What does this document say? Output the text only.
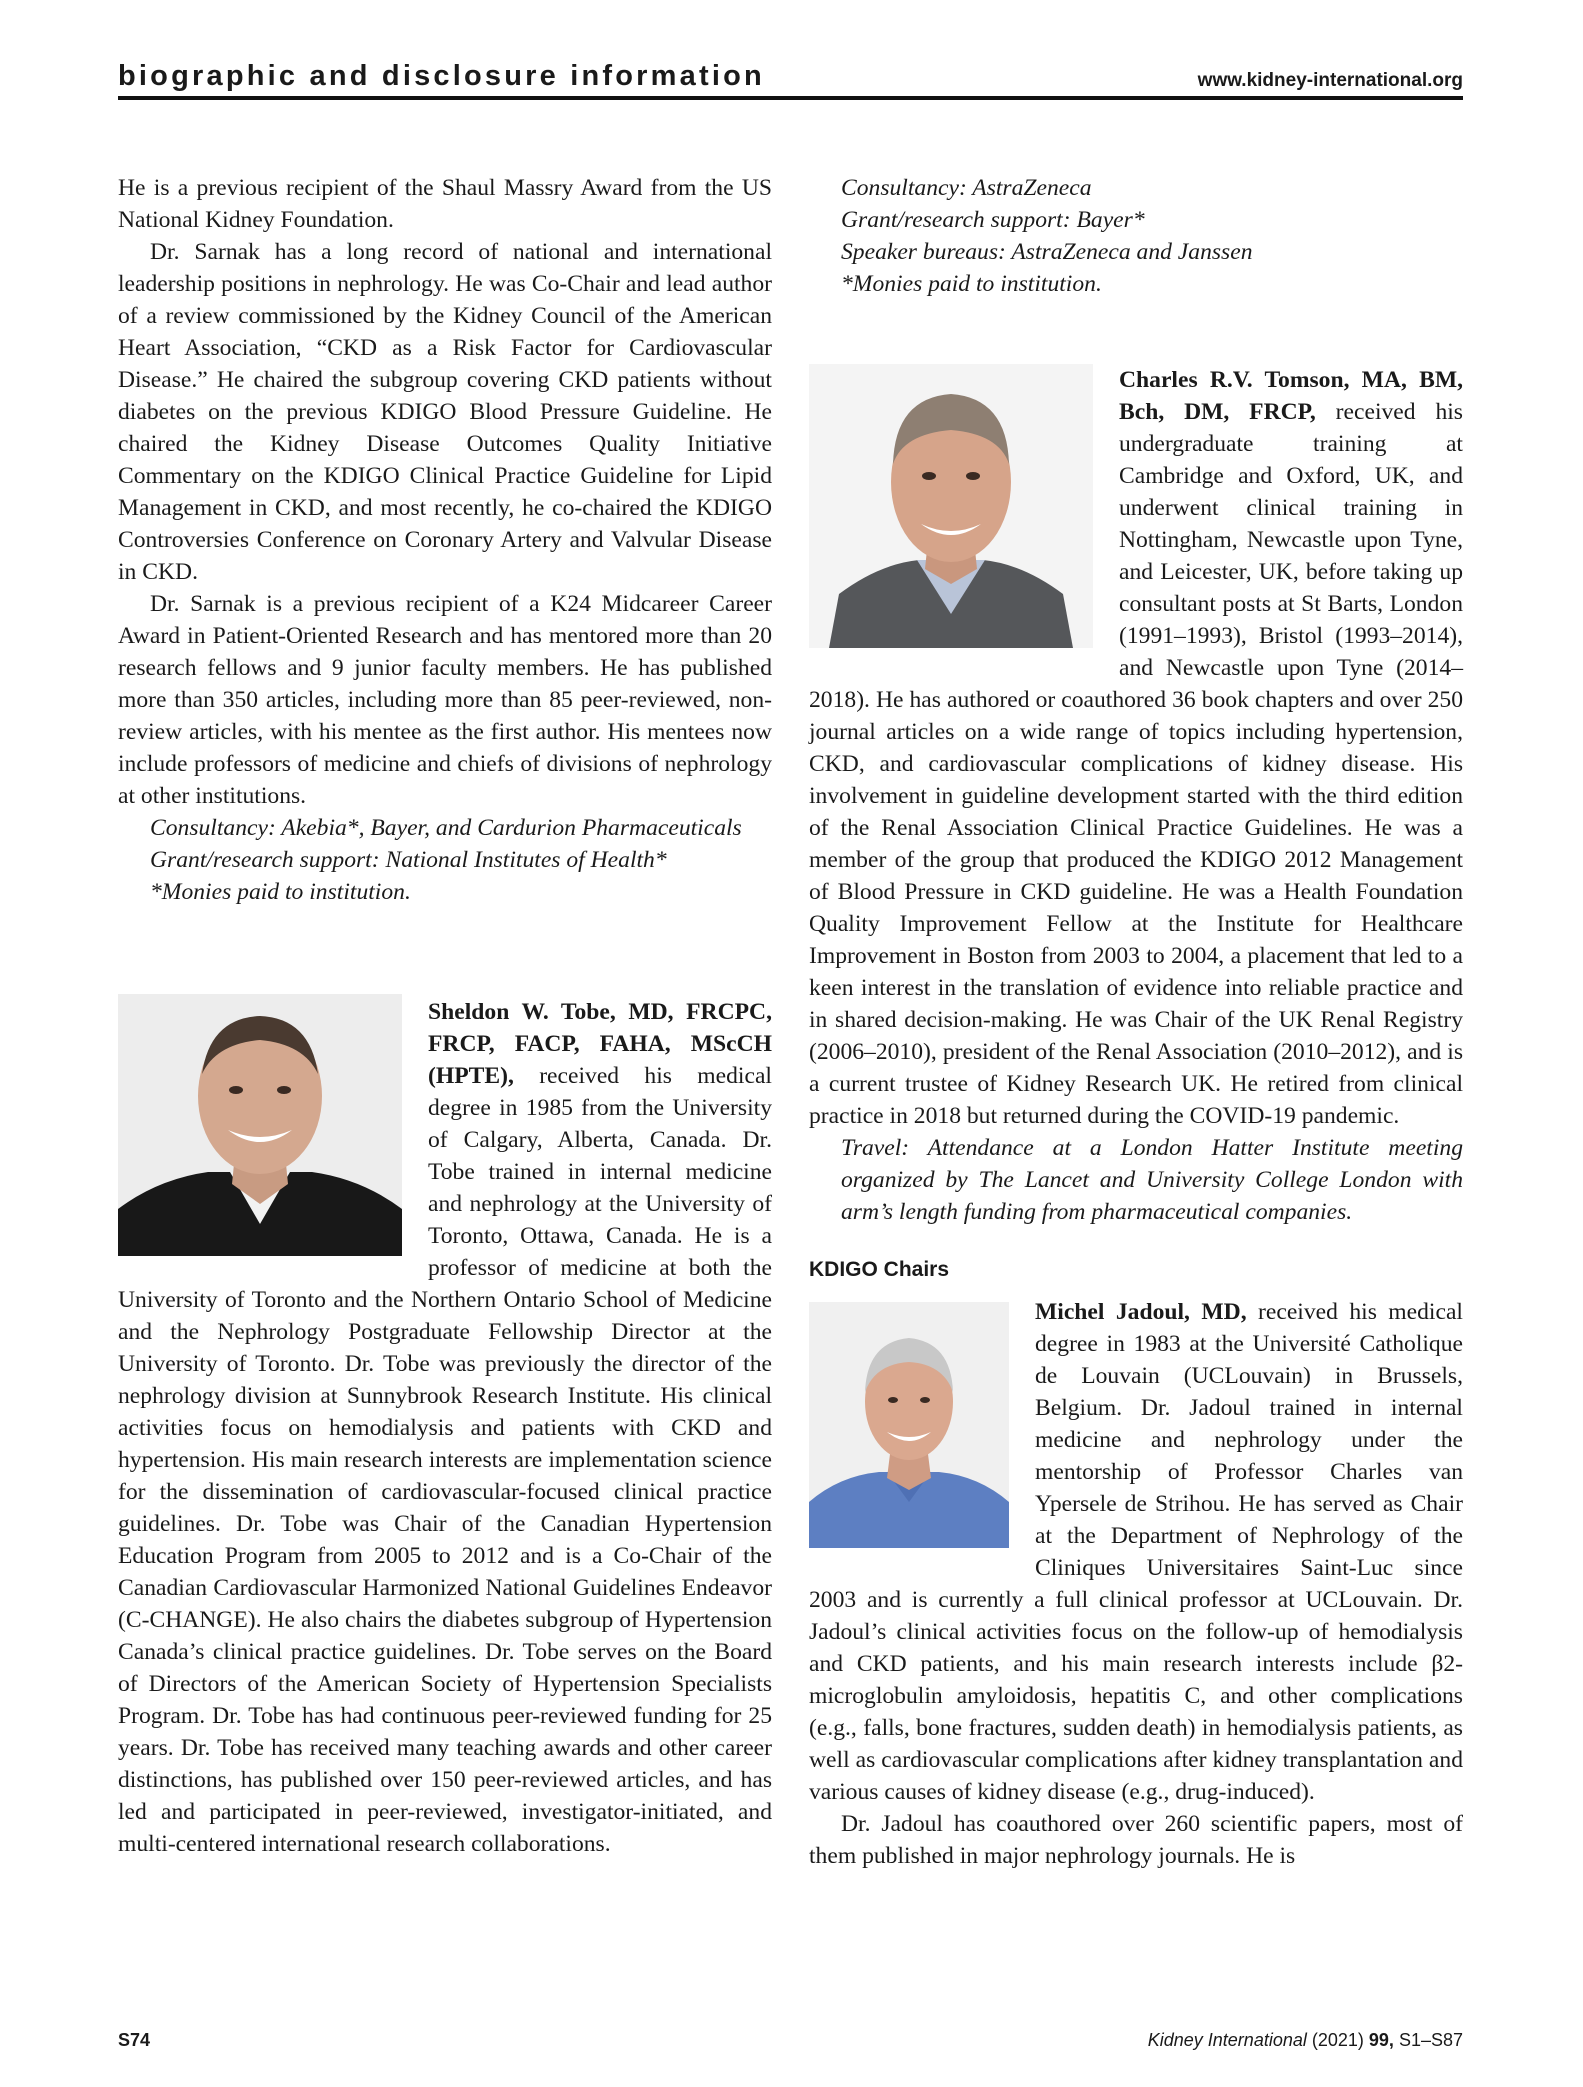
biographic and disclosure information	www.kidney-international.org

He is a previous recipient of the Shaul Massry Award from the US National Kidney Foundation.

Dr. Sarnak has a long record of national and international leadership positions in nephrology. He was Co-Chair and lead author of a review commissioned by the Kidney Council of the American Heart Association, “CKD as a Risk Factor for Cardiovascular Disease.” He chaired the subgroup covering CKD patients without diabetes on the previous KDIGO Blood Pressure Guideline. He chaired the Kidney Disease Outcomes Quality Initiative Commentary on the KDIGO Clinical Practice Guideline for Lipid Management in CKD, and most recently, he co-chaired the KDIGO Controversies Conference on Coronary Artery and Valvular Disease in CKD.

Dr. Sarnak is a previous recipient of a K24 Midcareer Career Award in Patient-Oriented Research and has mentored more than 20 research fellows and 9 junior faculty members. He has published more than 350 articles, including more than 85 peer-reviewed, non-review articles, with his mentee as the first author. His mentees now include professors of medicine and chiefs of divisions of nephrology at other institutions.

Consultancy: Akebia*, Bayer, and Cardurion Pharmaceuticals

Grant/research support: National Institutes of Health*

*Monies paid to institution.

Sheldon W. Tobe, MD, FRCPC, FRCP, FACP, FAHA, MScCH (HPTE), received his medical degree in 1985 from the University of Calgary, Alberta, Canada. Dr. Tobe trained in internal medicine and nephrology at the University of Toronto, Ottawa, Canada. He is a professor of medicine at both the University of Toronto and the Northern Ontario School of Medicine and the Nephrology Postgraduate Fellowship Director at the University of Toronto. Dr. Tobe was previously the director of the nephrology division at Sunnybrook Research Institute. His clinical activities focus on hemodialysis and patients with CKD and hypertension. His main research interests are implementation science for the dissemination of cardiovascular-focused clinical practice guidelines. Dr. Tobe was Chair of the Canadian Hypertension Education Program from 2005 to 2012 and is a Co-Chair of the Canadian Cardiovascular Harmonized National Guidelines Endeavor (C-CHANGE). He also chairs the diabetes subgroup of Hypertension Canada’s clinical practice guidelines. Dr. Tobe serves on the Board of Directors of the American Society of Hypertension Specialists Program. Dr. Tobe has had continuous peer-reviewed funding for 25 years. Dr. Tobe has received many teaching awards and other career distinctions, has published over 150 peer-reviewed articles, and has led and participated in peer-reviewed, investigator-initiated, and multi-centered international research collaborations.

Consultancy: AstraZeneca

Grant/research support: Bayer*

Speaker bureaus: AstraZeneca and Janssen

*Monies paid to institution.

Charles R.V. Tomson, MA, BM, Bch, DM, FRCP, received his undergraduate training at Cambridge and Oxford, UK, and underwent clinical training in Nottingham, Newcastle upon Tyne, and Leicester, UK, before taking up consultant posts at St Barts, London (1991–1993), Bristol (1993–2014), and Newcastle upon Tyne (2014–2018). He has authored or coauthored 36 book chapters and over 250 journal articles on a wide range of topics including hypertension, CKD, and cardiovascular complications of kidney disease. His involvement in guideline development started with the third edition of the Renal Association Clinical Practice Guidelines. He was a member of the group that produced the KDIGO 2012 Management of Blood Pressure in CKD guideline. He was a Health Foundation Quality Improvement Fellow at the Institute for Healthcare Improvement in Boston from 2003 to 2004, a placement that led to a keen interest in the translation of evidence into reliable practice and in shared decision-making. He was Chair of the UK Renal Registry (2006–2010), president of the Renal Association (2010–2012), and is a current trustee of Kidney Research UK. He retired from clinical practice in 2018 but returned during the COVID-19 pandemic.

Travel: Attendance at a London Hatter Institute meeting organized by The Lancet and University College London with arm’s length funding from pharmaceutical companies.

KDIGO Chairs

Michel Jadoul, MD, received his medical degree in 1983 at the Université Catholique de Louvain (UCLouvain) in Brussels, Belgium. Dr. Jadoul trained in internal medicine and nephrology under the mentorship of Professor Charles van Ypersele de Strihou. He has served as Chair at the Department of Nephrology of the Cliniques Universitaires Saint-Luc since 2003 and is currently a full clinical professor at UCLouvain. Dr. Jadoul’s clinical activities focus on the follow-up of hemodialysis and CKD patients, and his main research interests include β2-microglobulin amyloidosis, hepatitis C, and other complications (e.g., falls, bone fractures, sudden death) in hemodialysis patients, as well as cardiovascular complications after kidney transplantation and various causes of kidney disease (e.g., drug-induced).

Dr. Jadoul has coauthored over 260 scientific papers, most of them published in major nephrology journals. He is

S74	Kidney International (2021) 99, S1–S87
